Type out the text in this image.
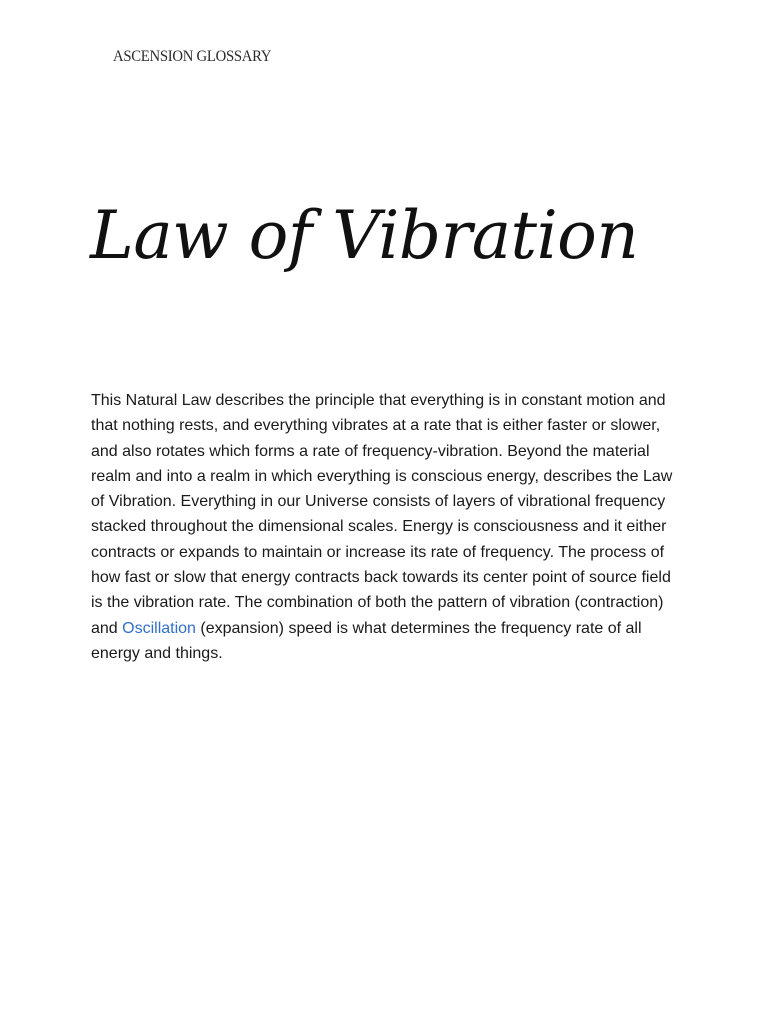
ASCENSION GLOSSARY
Law of Vibration

This Natural Law describes the principle that everything is in constant motion and that nothing rests, and everything vibrates at a rate that is either faster or slower, and also rotates which forms a rate of frequency-vibration. Beyond the material realm and into a realm in which everything is conscious energy, describes the Law of Vibration. Everything in our Universe consists of layers of vibrational frequency stacked throughout the dimensional scales. Energy is consciousness and it either contracts or expands to maintain or increase its rate of frequency. The process of how fast or slow that energy contracts back towards its center point of source field is the vibration rate. The combination of both the pattern of vibration (contraction) and Oscillation (expansion) speed is what determines the frequency rate of all energy and things.
